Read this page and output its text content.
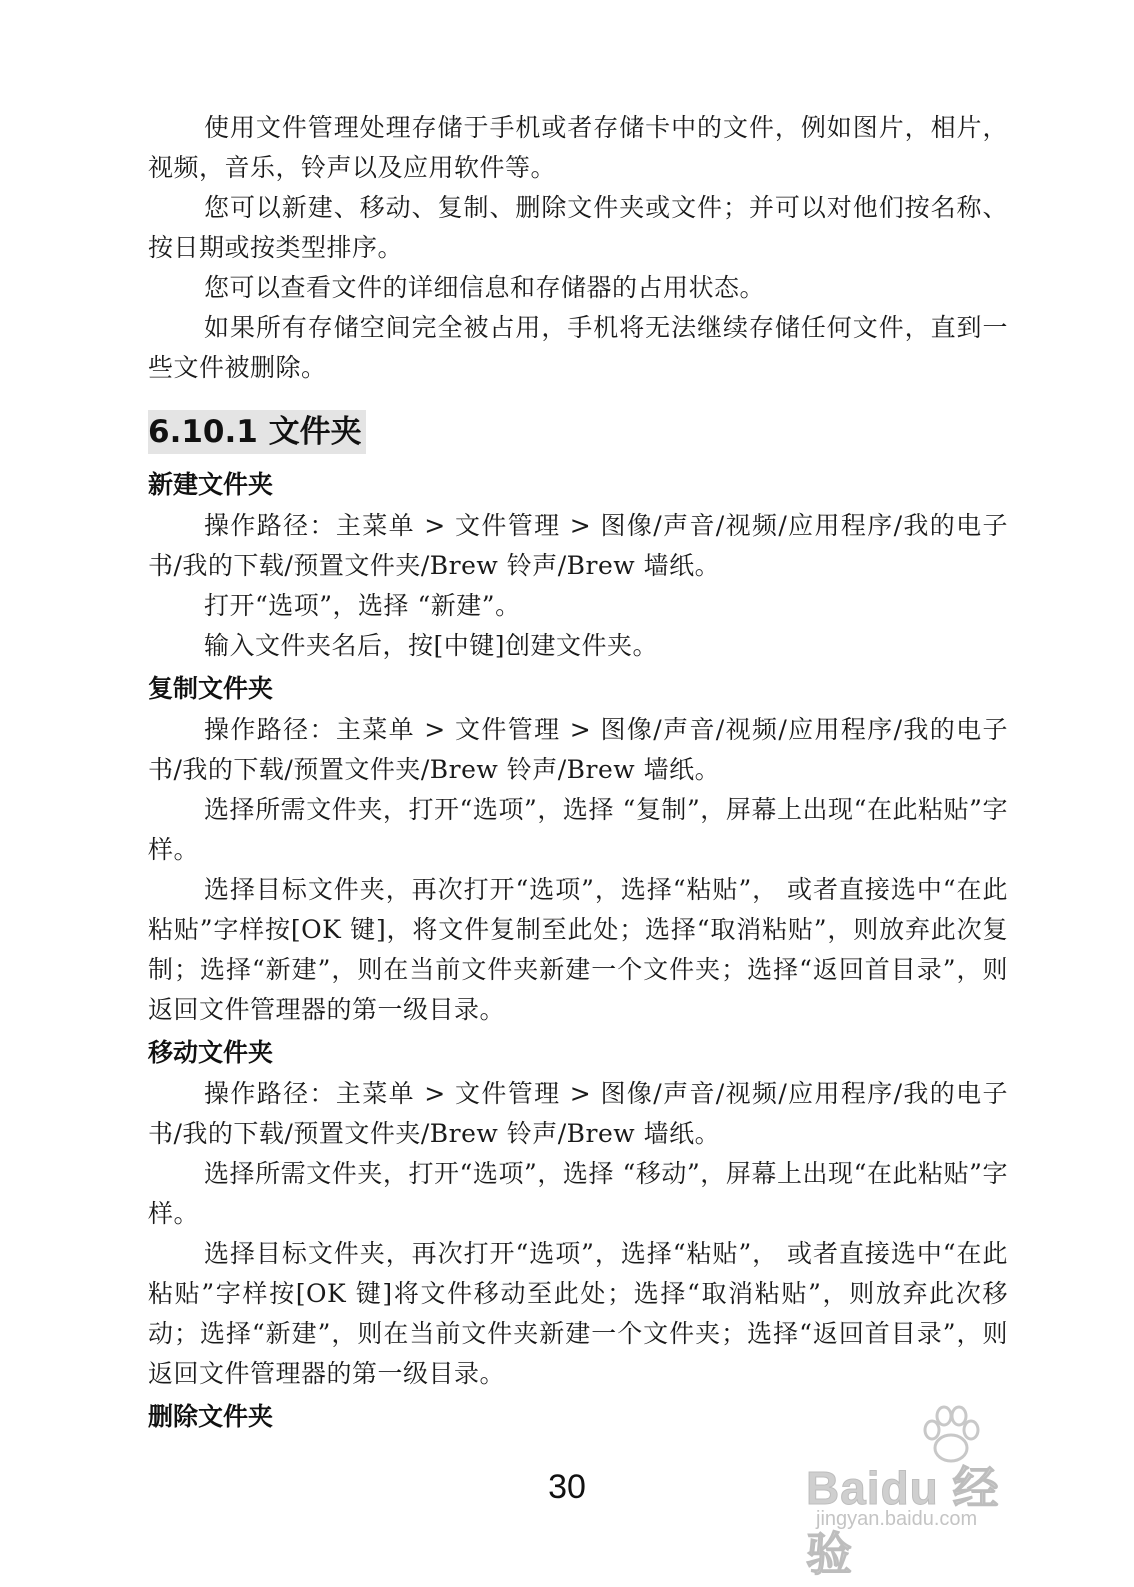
使用文件管理处理存储于手机或者存储卡中的文件，例如图片，相片，视频，音乐，铃声以及应用软件等。

您可以新建、移动、复制、删除文件夹或文件；并可以对他们按名称、按日期或按类型排序。

您可以查看文件的详细信息和存储器的占用状态。

如果所有存储空间完全被占用，手机将无法继续存储任何文件，直到一些文件被删除。

6.10.1 文件夹
新建文件夹

操作路径：主菜单 > 文件管理 > 图像/声音/视频/应用程序/我的电子书/我的下载/预置文件夹/Brew 铃声/Brew 墙纸。

打开“选项”，选择 “新建”。

输入文件夹名后，按[中键]创建文件夹。

复制文件夹

操作路径：主菜单 > 文件管理 > 图像/声音/视频/应用程序/我的电子书/我的下载/预置文件夹/Brew 铃声/Brew 墙纸。

选择所需文件夹，打开“选项”，选择 “复制”，屏幕上出现“在此粘贴”字样。

选择目标文件夹，再次打开“选项”，选择“粘贴”， 或者直接选中“在此粘贴”字样按[OK 键]，将文件复制至此处；选择“取消粘贴”，则放弃此次复制；选择“新建”，则在当前文件夹新建一个文件夹；选择“返回首目录”，则返回文件管理器的第一级目录。

移动文件夹

操作路径：主菜单 > 文件管理 > 图像/声音/视频/应用程序/我的电子书/我的下载/预置文件夹/Brew 铃声/Brew 墙纸。

选择所需文件夹，打开“选项”，选择 “移动”，屏幕上出现“在此粘贴”字样。

选择目标文件夹，再次打开“选项”，选择“粘贴”， 或者直接选中“在此粘贴”字样按[OK 键]将文件移动至此处；选择“取消粘贴”，则放弃此次移动；选择“新建”，则在当前文件夹新建一个文件夹；选择“返回首目录”，则返回文件管理器的第一级目录。

删除文件夹
Baidu 经验
jingyan.baidu.com
30
